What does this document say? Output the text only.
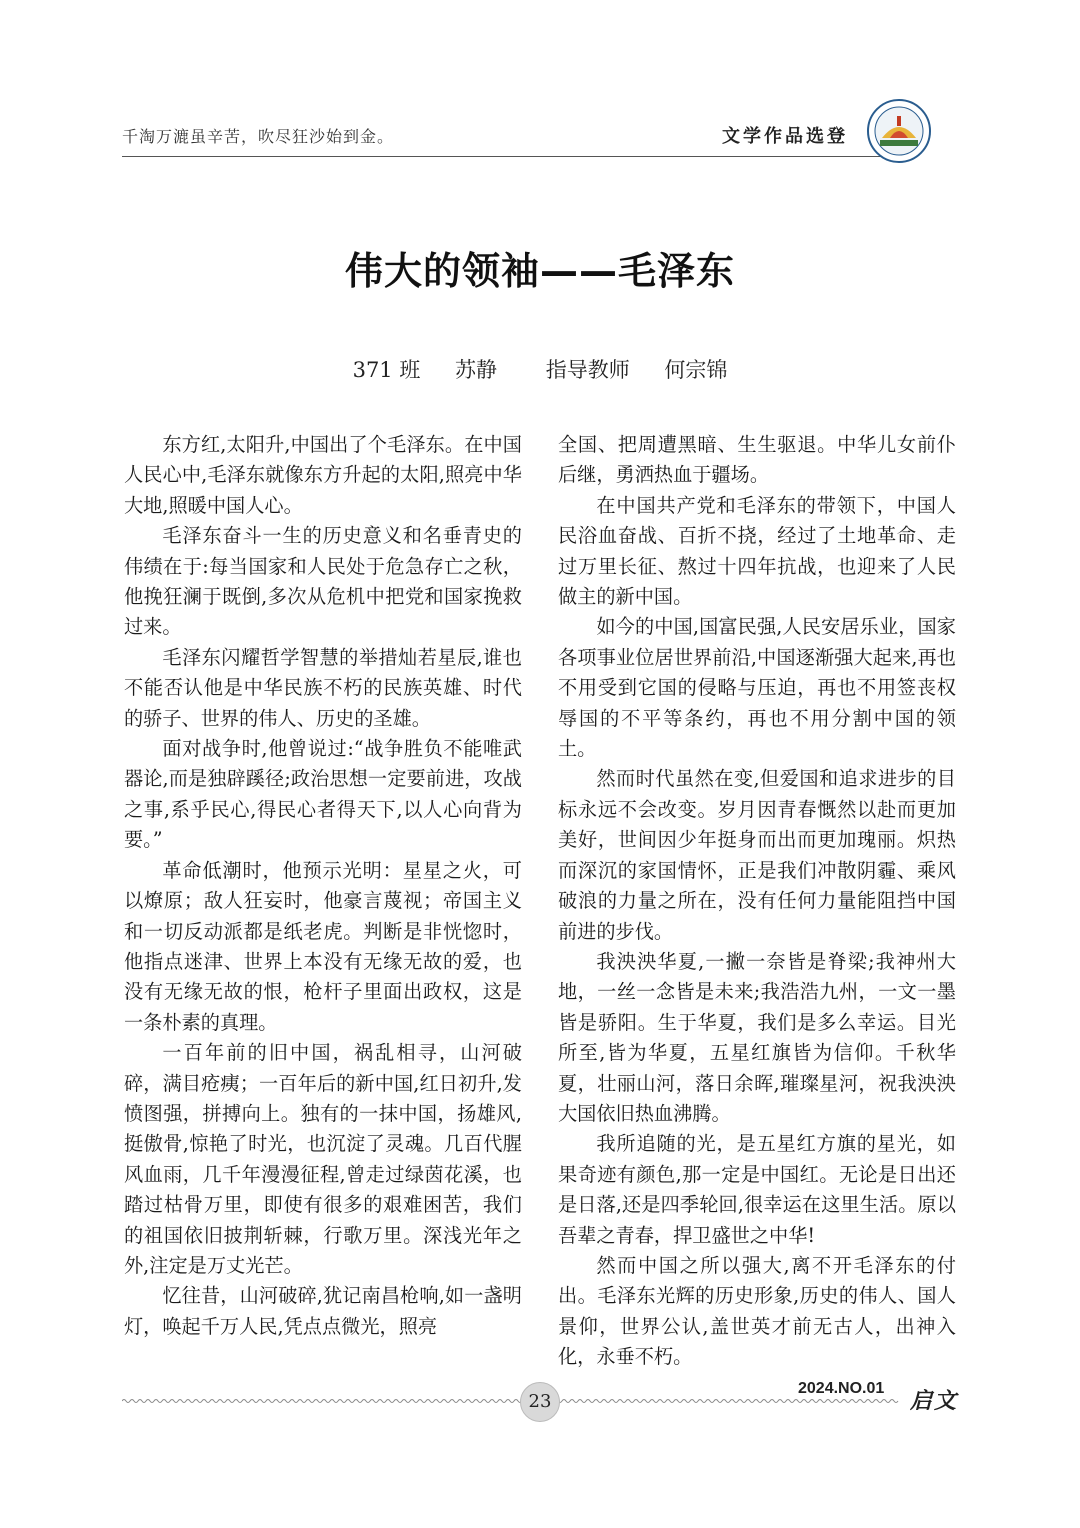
千淘万漉虽辛苦，吹尽狂沙始到金。	文学作品选登
伟大的领袖——毛泽东
371 班 苏静 指导教师 何宗锦

东方红,太阳升,中国出了个毛泽东。在中国人民心中,毛泽东就像东方升起的太阳,照亮中华大地,照暖中国人心。

毛泽东奋斗一生的历史意义和名垂青史的伟绩在于:每当国家和人民处于危急存亡之秋，他挽狂澜于既倒,多次从危机中把党和国家挽救过来。

毛泽东闪耀哲学智慧的举措灿若星辰,谁也不能否认他是中华民族不朽的民族英雄、时代的骄子、世界的伟人、历史的圣雄。

面对战争时,他曾说过:“战争胜负不能唯武器论,而是独辟蹊径;政治思想一定要前进，攻战之事,系乎民心,得民心者得天下,以人心向背为要。”

革命低潮时，他预示光明：星星之火，可以燎原；敌人狂妄时，他豪言蔑视；帝国主义和一切反动派都是纸老虎。判断是非恍惚时，他指点迷津、世界上本没有无缘无故的爱，也没有无缘无故的恨，枪杆子里面出政权，这是一条朴素的真理。

一百年前的旧中国，祸乱相寻，山河破碎，满目疮痍；一百年后的新中国,红日初升,发愤图强，拼搏向上。独有的一抹中国，扬雄风,挺傲骨,惊艳了时光，也沉淀了灵魂。几百代腥风血雨，几千年漫漫征程,曾走过绿茵花溪，也踏过枯骨万里，即使有很多的艰难困苦，我们的祖国依旧披荆斩棘，行歌万里。深浅光年之外,注定是万丈光芒。

忆往昔，山河破碎,犹记南昌枪响,如一盏明灯，唤起千万人民,凭点点微光，照亮

全国、把周遭黑暗、生生驱退。中华儿女前仆后继，勇洒热血于疆场。

在中国共产党和毛泽东的带领下，中国人民浴血奋战、百折不挠，经过了土地革命、走过万里长征、熬过十四年抗战，也迎来了人民做主的新中国。

如今的中国,国富民强,人民安居乐业，国家各项事业位居世界前沿,中国逐渐强大起来,再也不用受到它国的侵略与压迫，再也不用签丧权辱国的不平等条约，再也不用分割中国的领土。

然而时代虽然在变,但爱国和追求进步的目标永远不会改变。岁月因青春慨然以赴而更加美好，世间因少年挺身而出而更加瑰丽。炽热而深沉的家国情怀，正是我们冲散阴霾、乘风破浪的力量之所在，没有任何力量能阻挡中国前进的步伐。

我泱泱华夏,一撇一奈皆是脊梁;我神州大地，一丝一念皆是未来;我浩浩九州，一文一墨皆是骄阳。生于华夏，我们是多么幸运。目光所至,皆为华夏，五星红旗皆为信仰。千秋华夏，壮丽山河，落日余晖,璀璨星河，祝我泱泱大国依旧热血沸腾。

我所追随的光，是五星红方旗的星光，如果奇迹有颜色,那一定是中国红。无论是日出还是日落,还是四季轮回,很幸运在这里生活。原以吾辈之青春，捍卫盛世之中华!

然而中国之所以强大,离不开毛泽东的付出。毛泽东光辉的历史形象,历史的伟人、国人景仰，世界公认,盖世英才前无古人，出神入化，永垂不朽。

23
2024.NO.01 启文
